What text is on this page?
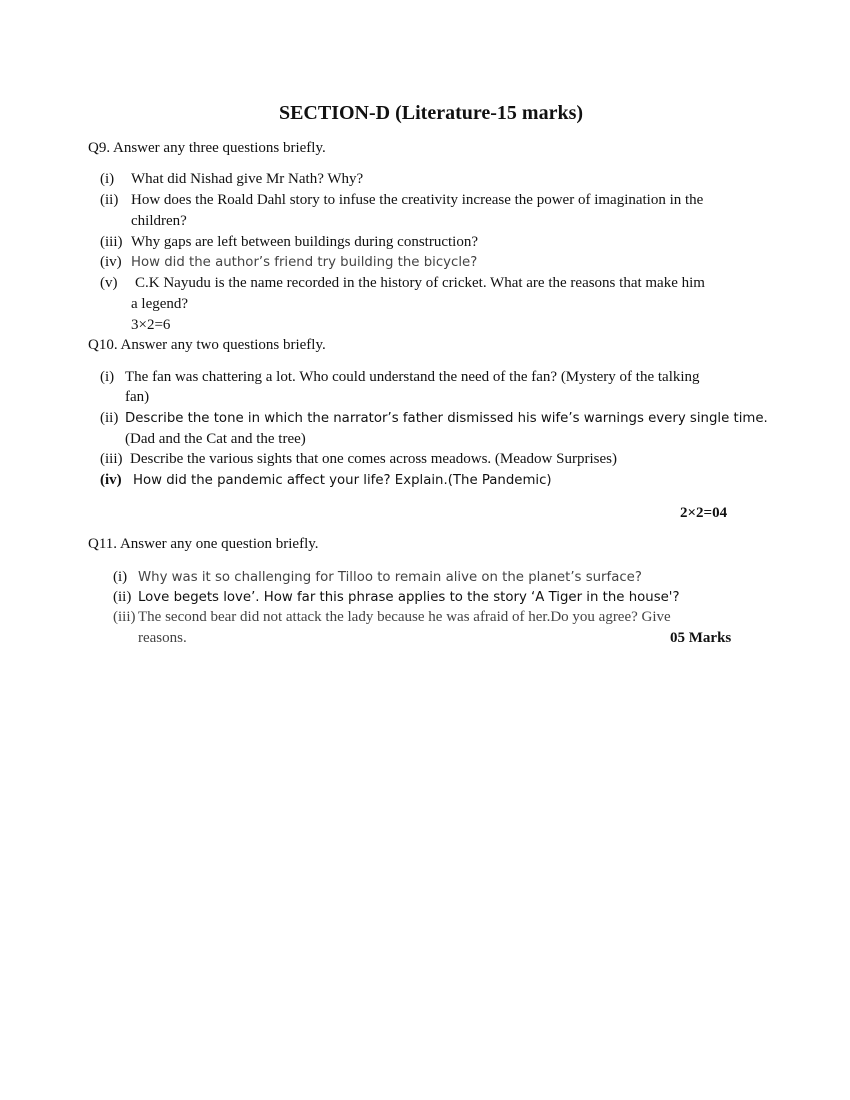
SECTION-D (Literature-15 marks)
Q9. Answer any three questions briefly.
(i) What did Nishad give Mr Nath? Why?
(ii) How does the Roald Dahl story to infuse the creativity increase the power of imagination in the
children?
(iii) Why gaps are left between buildings during construction?
(iv) How did the author’s friend try building the bicycle?
(v) C.K Nayudu is the name recorded in the history of cricket. What are the reasons that make him
a legend?
3×2=6
Q10. Answer any two questions briefly.
(i) The fan was chattering a lot. Who could understand the need of the fan? (Mystery of the talking
fan)
(ii) Describe the tone in which the narrator’s father dismissed his wife’s warnings every single time.
(Dad and the Cat and the tree)
(iii) Describe the various sights that one comes across meadows. (Meadow Surprises)
(iv) How did the pandemic affect your life? Explain.(The Pandemic)
2×2=04
Q11. Answer any one question briefly.
(i) Why was it so challenging for Tilloo to remain alive on the planet’s surface?
(ii) Love begets love’. How far this phrase applies to the story ‘A Tiger in the house'?
(iii) The second bear did not attack the lady because he was afraid of her.Do you agree? Give
reasons.	05 Marks
